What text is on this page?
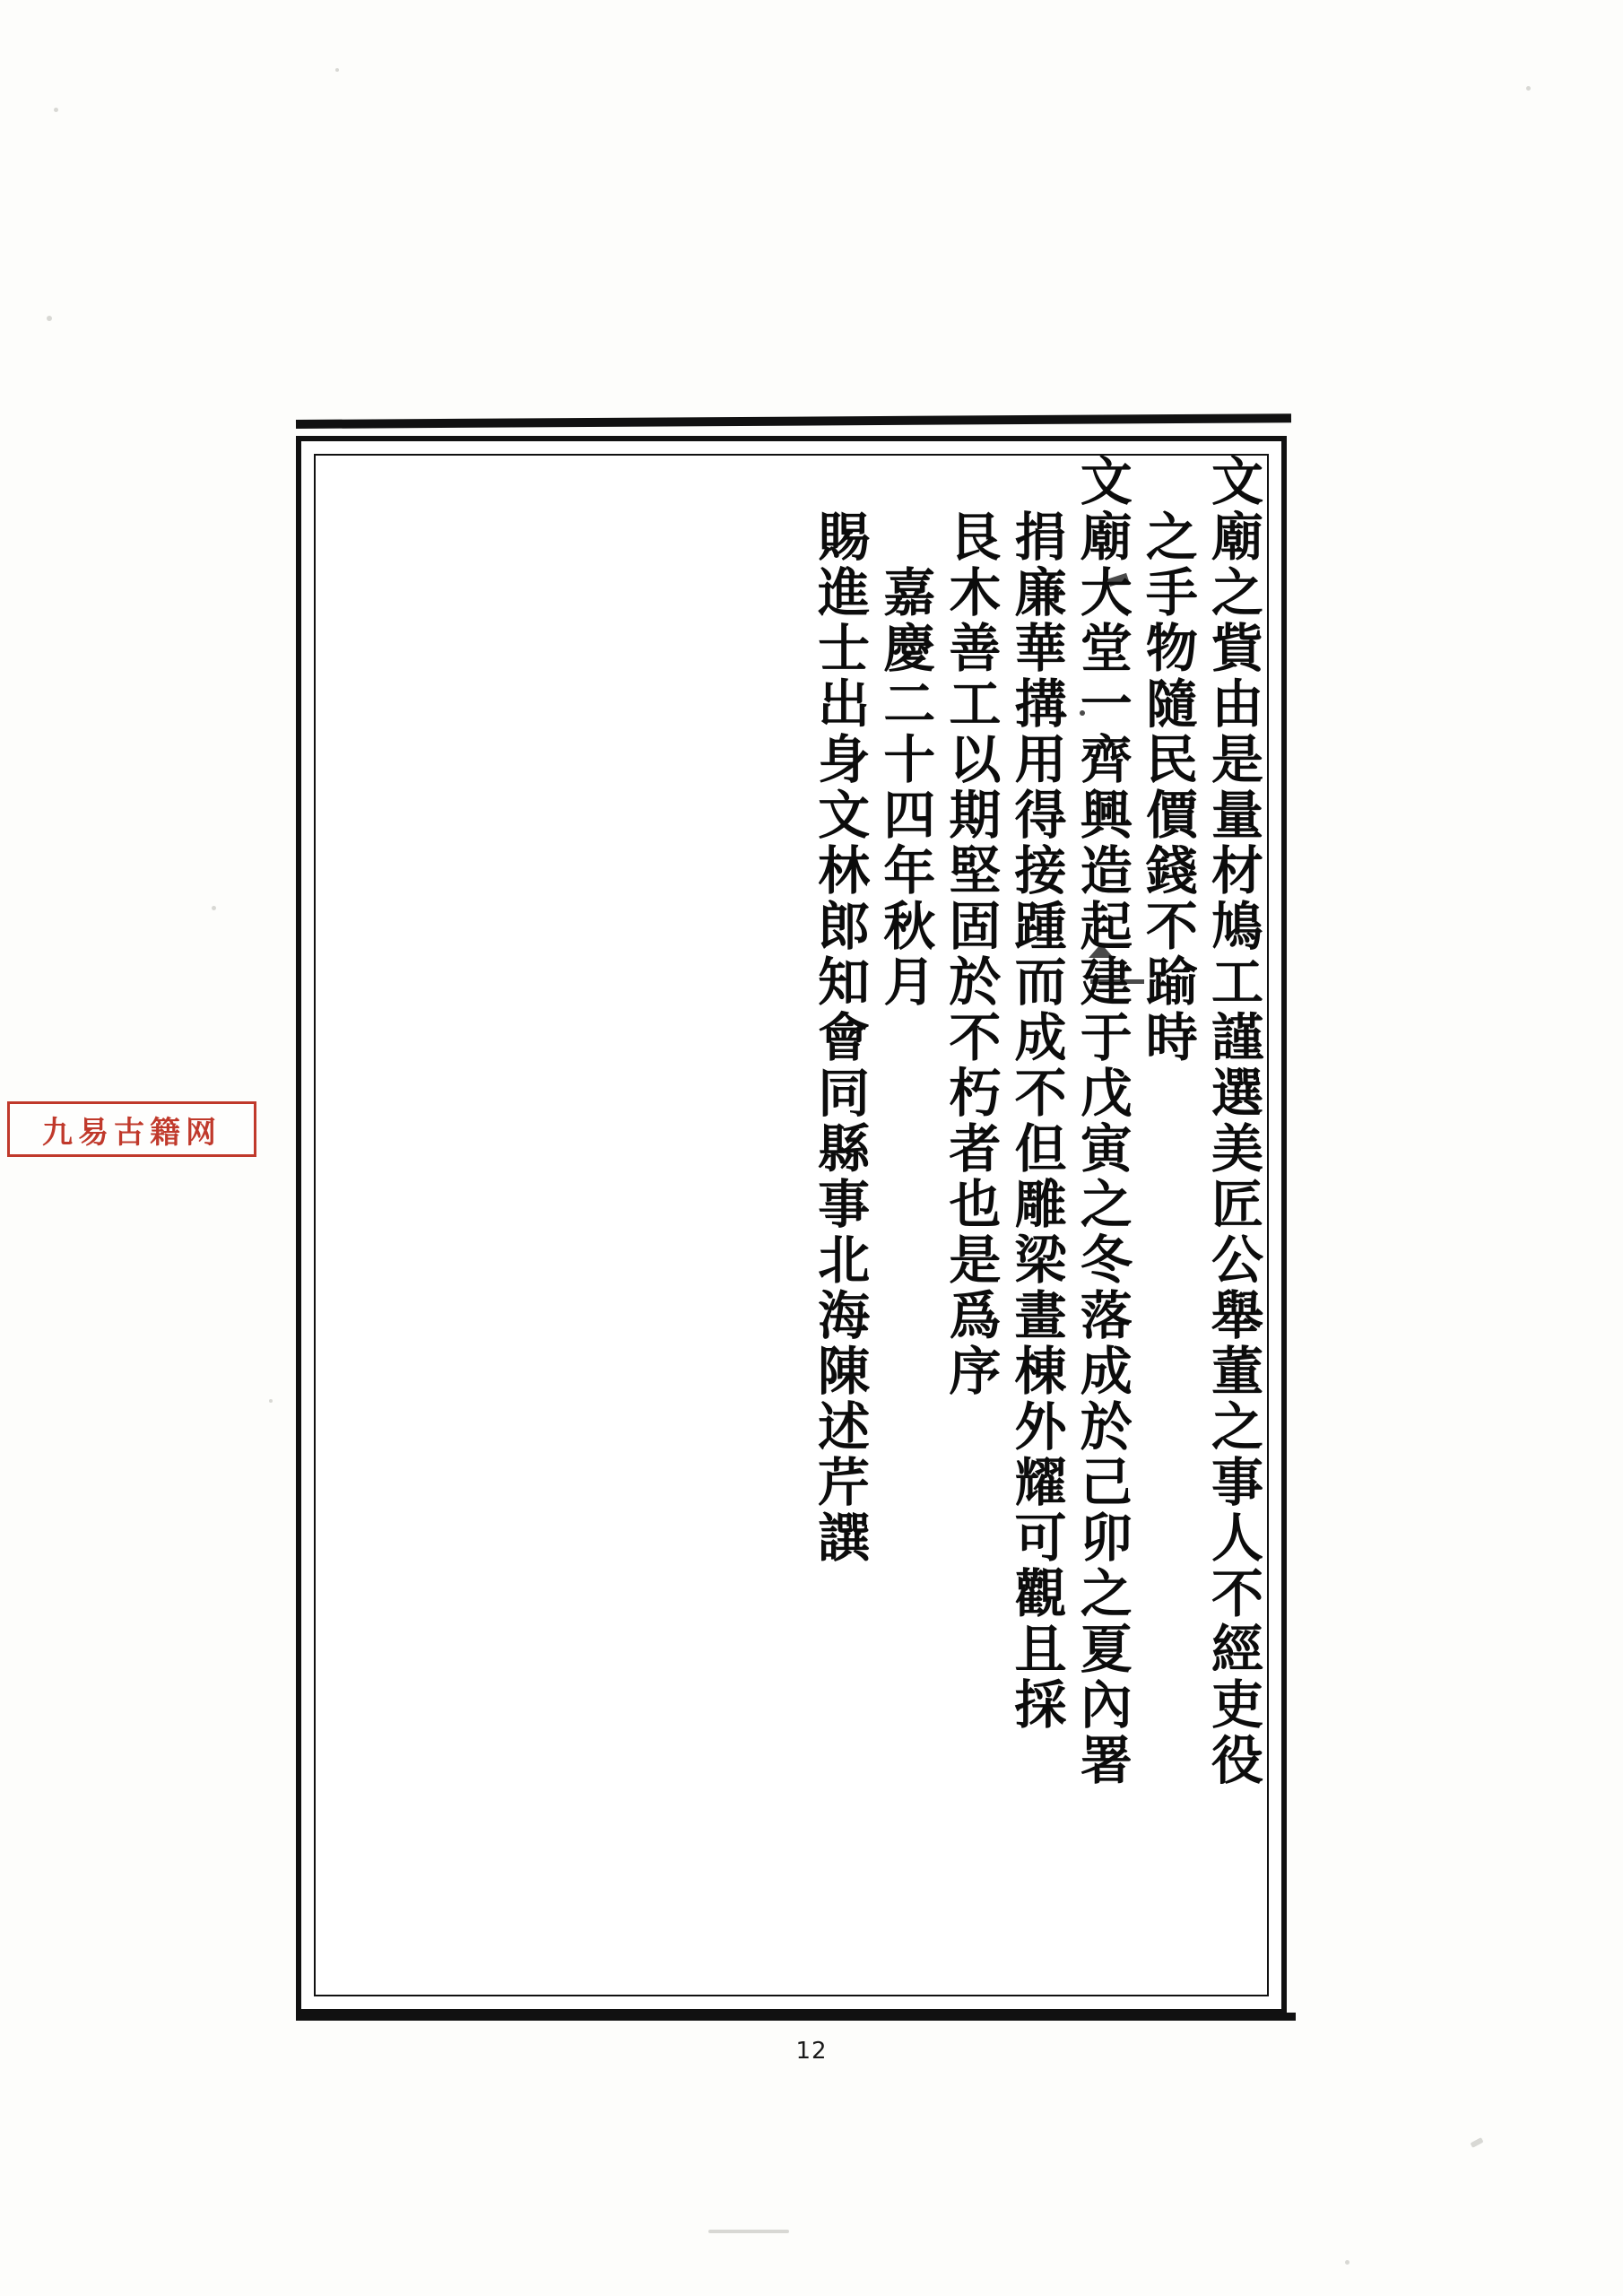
九易古籍网	文廟之貲由是量材鳩工謹選美匠公舉董之事人不經吏役
之手物隨民價錢不踰時
文廟大堂一齊興造起建于戊寅之冬落成於己卯之夏內署
捐廉華搆用得接踵而成不但雕梁畫棟外耀可觀且採
艮木善工以期堅固於不朽者也是爲序
嘉慶二十四年秋月
賜進士出身文林郎知會同縣事北海陳述芹譔
12
